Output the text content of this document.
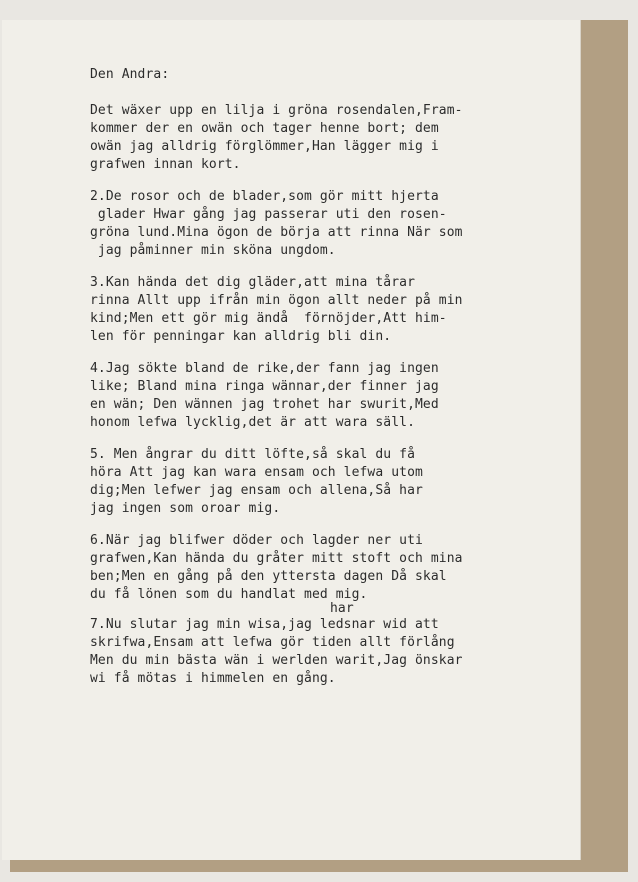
Den Andra:
Det wäxer upp en lilja i gröna rosendalen,Fram-
kommer der en owän och tager henne bort; dem
owän jag alldrig förglömmer,Han lägger mig i
grafwen innan kort.
2.De rosor och de blader,som gör mitt hjerta
glader Hwar gång jag passerar uti den rosen-
gröna lund.Mina ögon de börja att rinna När som
jag påminner min sköna ungdom.
3.Kan hända det dig gläder,att mina tårar
rinna Allt upp ifrån min ögon allt neder på min
kind;Men ett gör mig ändå  förnöjder,Att him-
len för penningar kan alldrig bli din.
4.Jag sökte bland de rike,der fann jag ingen
like; Bland mina ringa wännar,der finner jag
en wän; Den wännen jag trohet har swurit,Med
honom lefwa lycklig,det är att wara säll.
5. Men ångrar du ditt löfte,så skal du få
höra Att jag kan wara ensam och lefwa utom
dig;Men lefwer jag ensam och allena,Så har
jag ingen som oroar mig.
6.När jag blifwer döder och lagder ner uti
grafwen,Kan hända du gråter mitt stoft och mina
ben;Men en gång på den yttersta dagen Då skal
du få lönen som du handlat med mig.
har
7.Nu slutar jag min wisa,jag ledsnar wid att
skrifwa,Ensam att lefwa gör tiden allt förlång
Men du min bästa wän i werlden warit,Jag önskar
wi få mötas i himmelen en gång.
